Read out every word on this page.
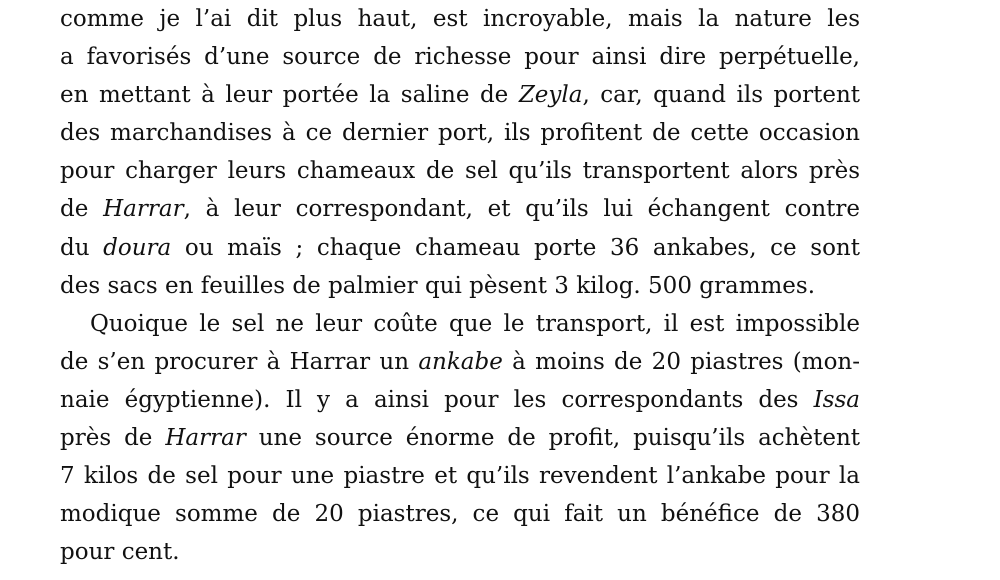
comme je l’ai dit plus haut, est incroyable, mais la nature les
a favorisés d’une source de richesse pour ainsi dire perpétuelle,
en mettant à leur portée la saline de Zeyla, car, quand ils portent
des marchandises à ce dernier port, ils profitent de cette occasion
pour charger leurs chameaux de sel qu’ils transportent alors près
de Harrar, à leur correspondant, et qu’ils lui échangent contre
du doura ou maïs ; chaque chameau porte 36 ankabes, ce sont
des sacs en feuilles de palmier qui pèsent 3 kilog. 500 grammes.
Quoique le sel ne leur coûte que le transport, il est impossible
de s’en procurer à Harrar un ankabe à moins de 20 piastres (mon-
naie égyptienne). Il y a ainsi pour les correspondants des Issa
près de Harrar une source énorme de profit, puisqu’ils achètent
7 kilos de sel pour une piastre et qu’ils revendent l’ankabe pour la
modique somme de 20 piastres, ce qui fait un bénéfice de 380
pour cent.
